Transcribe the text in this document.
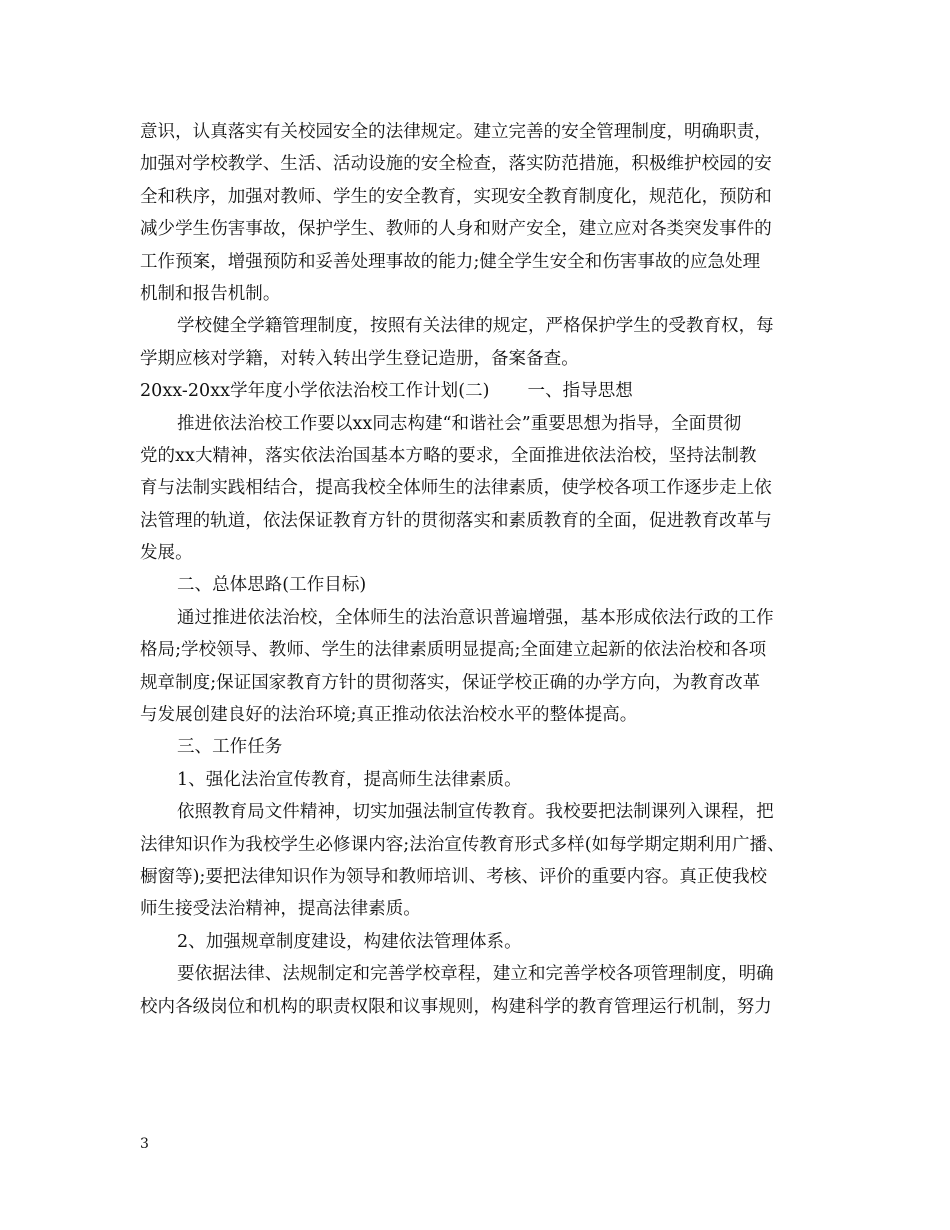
意识，认真落实有关校园安全的法律规定。建立完善的安全管理制度，明确职责，
加强对学校教学、生活、活动设施的安全检查，落实防范措施，积极维护校园的安
全和秩序，加强对教师、学生的安全教育，实现安全教育制度化，规范化，预防和
减少学生伤害事故，保护学生、教师的人身和财产安全，建立应对各类突发事件的
工作预案，增强预防和妥善处理事故的能力;健全学生安全和伤害事故的应急处理
机制和报告机制。
学校健全学籍管理制度，按照有关法律的规定，严格保护学生的受教育权，每
学期应核对学籍，对转入转出学生登记造册，备案备查。
20xx-20xx学年度小学依法治校工作计划(二) 一、指导思想
推进依法治校工作要以xx同志构建“和谐社会”重要思想为指导，全面贯彻
党的xx大精神，落实依法治国基本方略的要求，全面推进依法治校，坚持法制教
育与法制实践相结合，提高我校全体师生的法律素质，使学校各项工作逐步走上依
法管理的轨道，依法保证教育方针的贯彻落实和素质教育的全面，促进教育改革与
发展。
二、总体思路(工作目标)
通过推进依法治校，全体师生的法治意识普遍增强，基本形成依法行政的工作
格局;学校领导、教师、学生的法律素质明显提高;全面建立起新的依法治校和各项
规章制度;保证国家教育方针的贯彻落实，保证学校正确的办学方向，为教育改革
与发展创建良好的法治环境;真正推动依法治校水平的整体提高。
三、工作任务
1、强化法治宣传教育，提高师生法律素质。
依照教育局文件精神，切实加强法制宣传教育。我校要把法制课列入课程，把
法律知识作为我校学生必修课内容;法治宣传教育形式多样(如每学期定期利用广播、
橱窗等);要把法律知识作为领导和教师培训、考核、评价的重要内容。真正使我校
师生接受法治精神，提高法律素质。
2、加强规章制度建设，构建依法管理体系。
要依据法律、法规制定和完善学校章程，建立和完善学校各项管理制度，明确
校内各级岗位和机构的职责权限和议事规则，构建科学的教育管理运行机制，努力
3
